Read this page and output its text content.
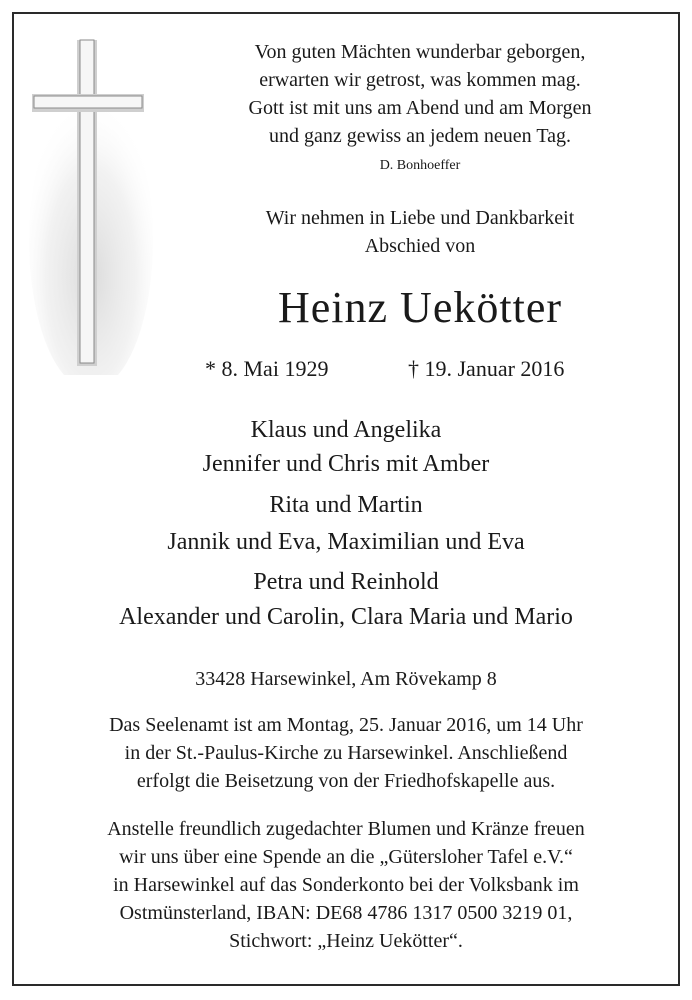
Von guten Mächten wunderbar geborgen,
erwarten wir getrost, was kommen mag.
Gott ist mit uns am Abend und am Morgen
und ganz gewiss an jedem neuen Tag.
D. Bonhoeffer
Wir nehmen in Liebe und Dankbarkeit
Abschied von
Heinz Uekötter
* 8. Mai 1929	† 19. Januar 2016
Klaus und Angelika
Jennifer und Chris mit Amber
Rita und Martin
Jannik und Eva, Maximilian und Eva
Petra und Reinhold
Alexander und Carolin, Clara Maria und Mario
33428 Harsewinkel, Am Rövekamp 8
Das Seelenamt ist am Montag, 25. Januar 2016, um 14 Uhr
in der St.-Paulus-Kirche zu Harsewinkel. Anschließend
erfolgt die Beisetzung von der Friedhofskapelle aus.
Anstelle freundlich zugedachter Blumen und Kränze freuen
wir uns über eine Spende an die „Gütersloher Tafel e.V.“
in Harsewinkel auf das Sonderkonto bei der Volksbank im
Ostmünsterland, IBAN: DE68 4786 1317 0500 3219 01,
Stichwort: „Heinz Uekötter“.
